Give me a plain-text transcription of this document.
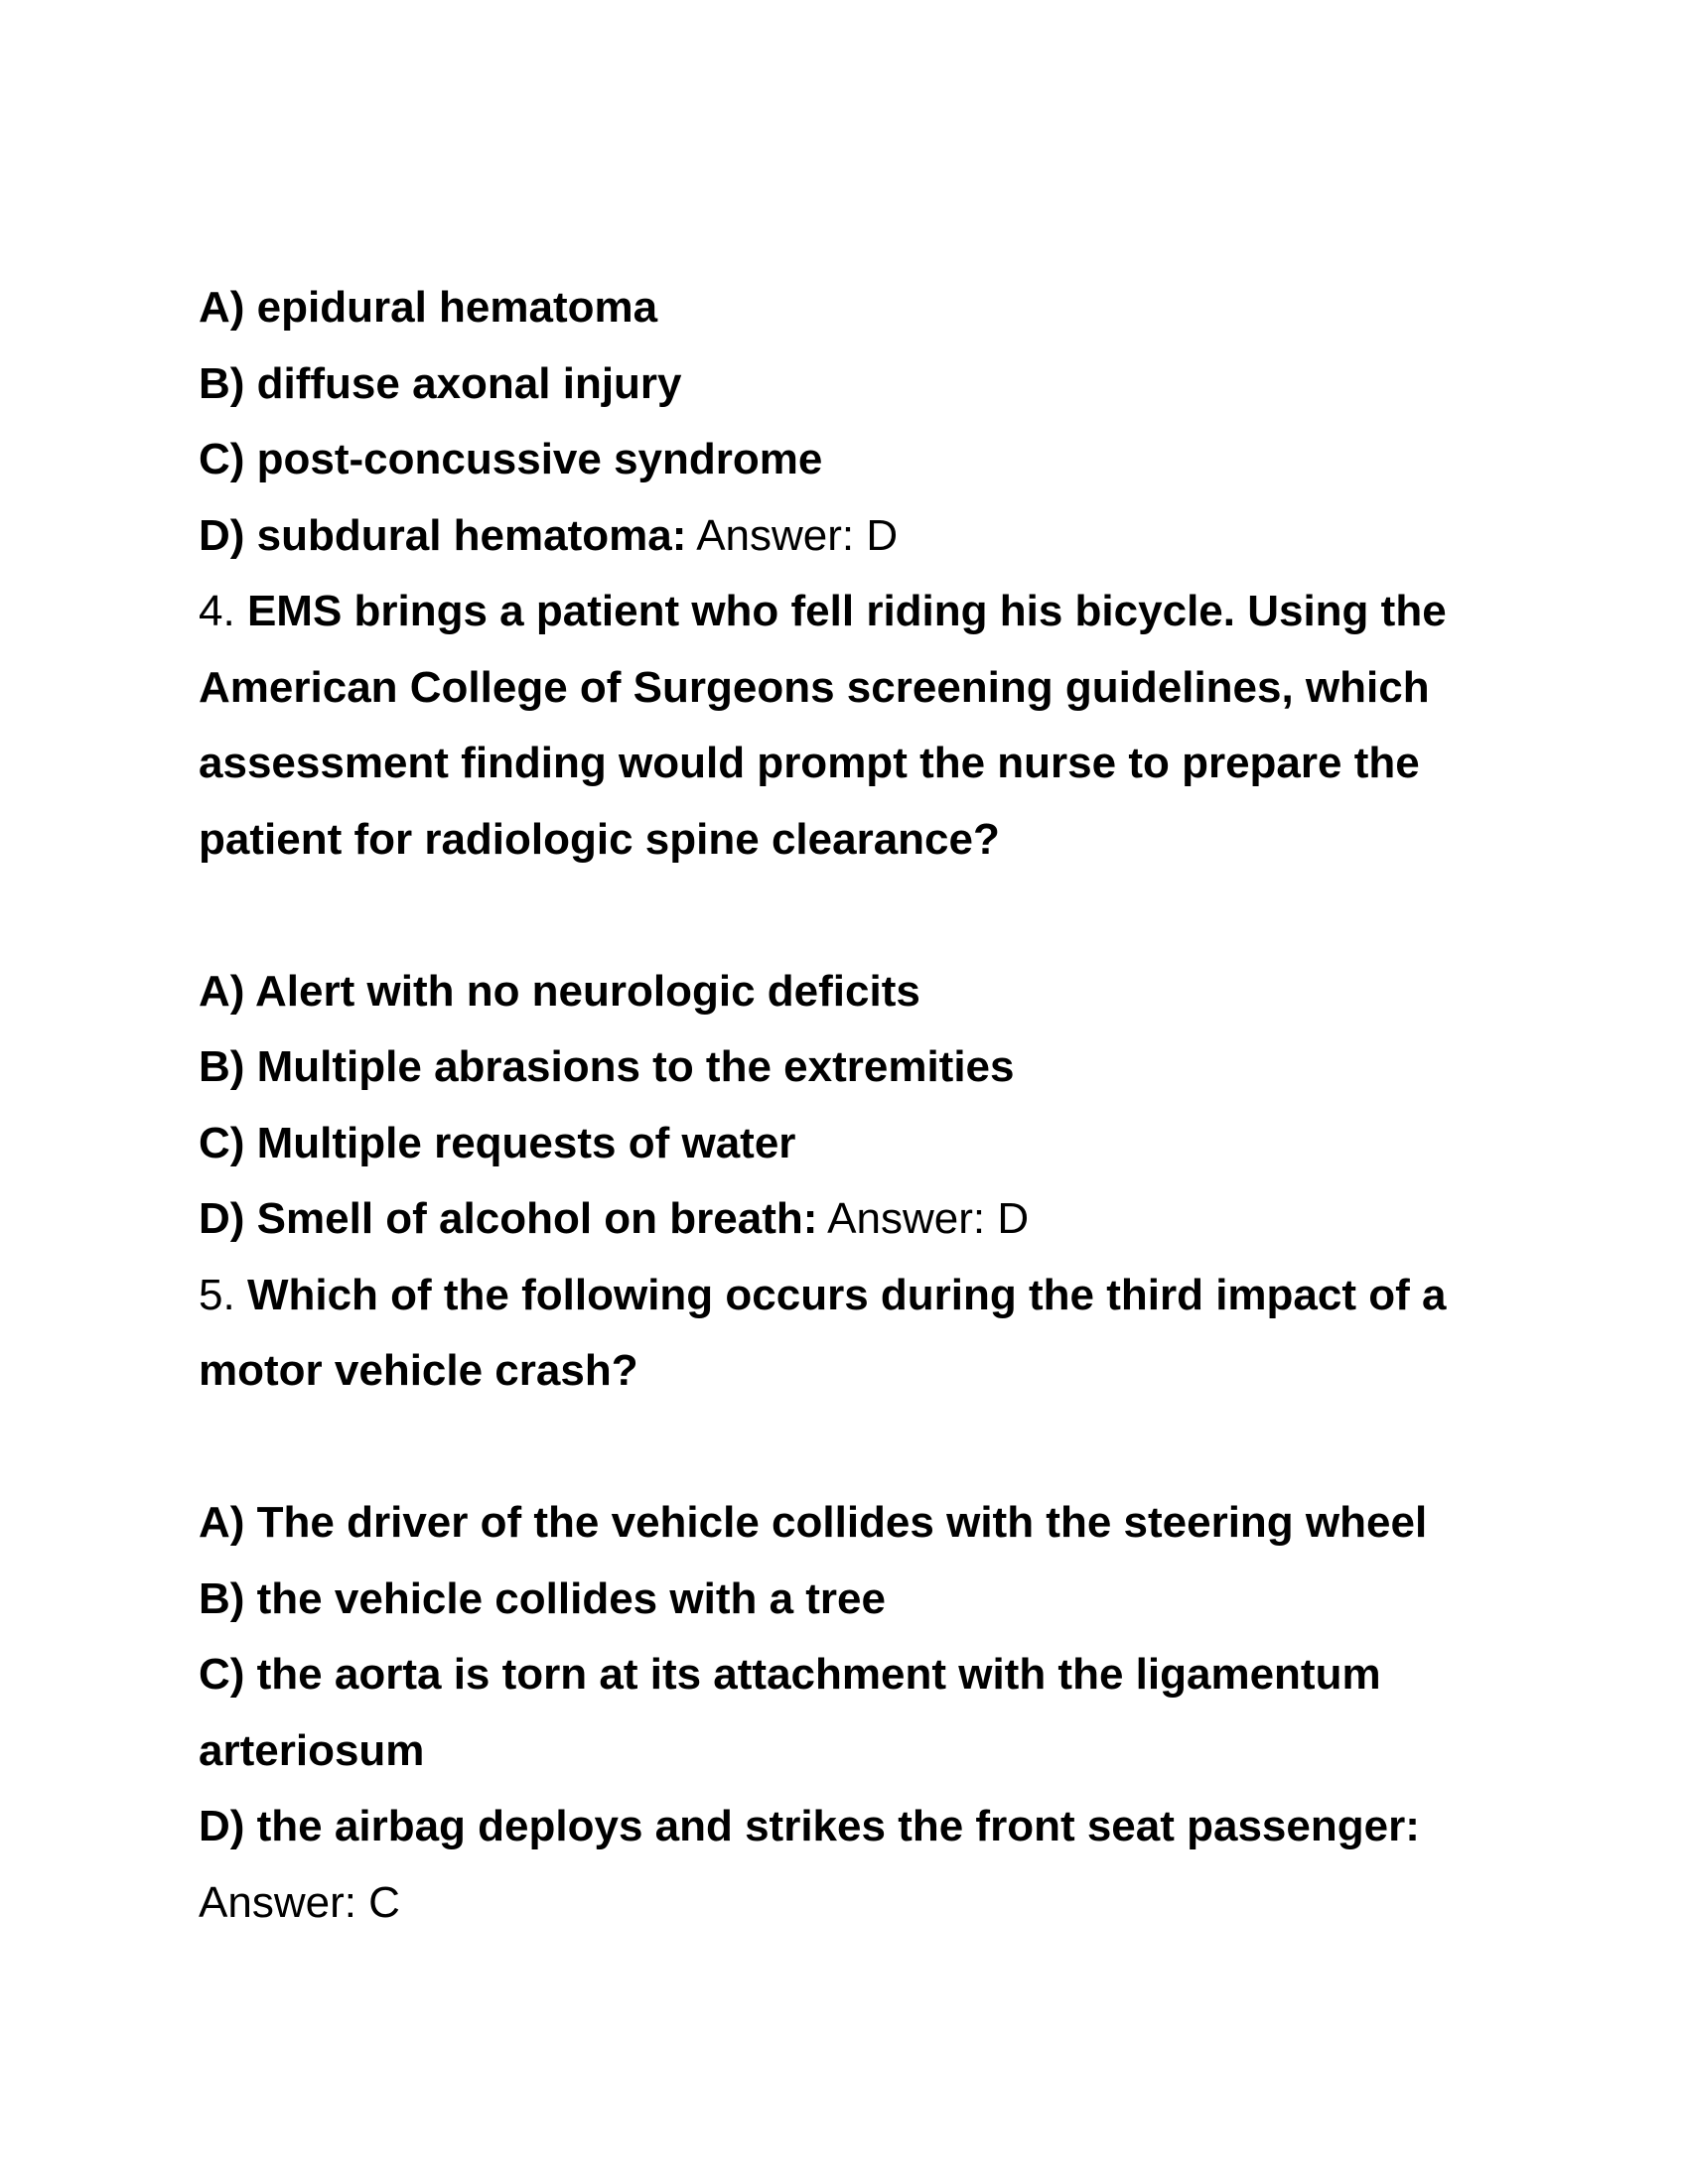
A) epidural hematoma
B) diffuse axonal injury
C) post-concussive syndrome
D) subdural hematoma: Answer: D
4. EMS brings a patient who fell riding his bicycle. Using the
American College of Surgeons screening guidelines, which
assessment finding would prompt the nurse to prepare the
patient for radiologic spine clearance?
A) Alert with no neurologic deficits
B) Multiple abrasions to the extremities
C) Multiple requests of water
D) Smell of alcohol on breath: Answer: D
5. Which of the following occurs during the third impact of a
motor vehicle crash?
A) The driver of the vehicle collides with the steering wheel
B) the vehicle collides with a tree
C) the aorta is torn at its attachment with the ligamentum
arteriosum
D) the airbag deploys and strikes the front seat passenger:
Answer: C
